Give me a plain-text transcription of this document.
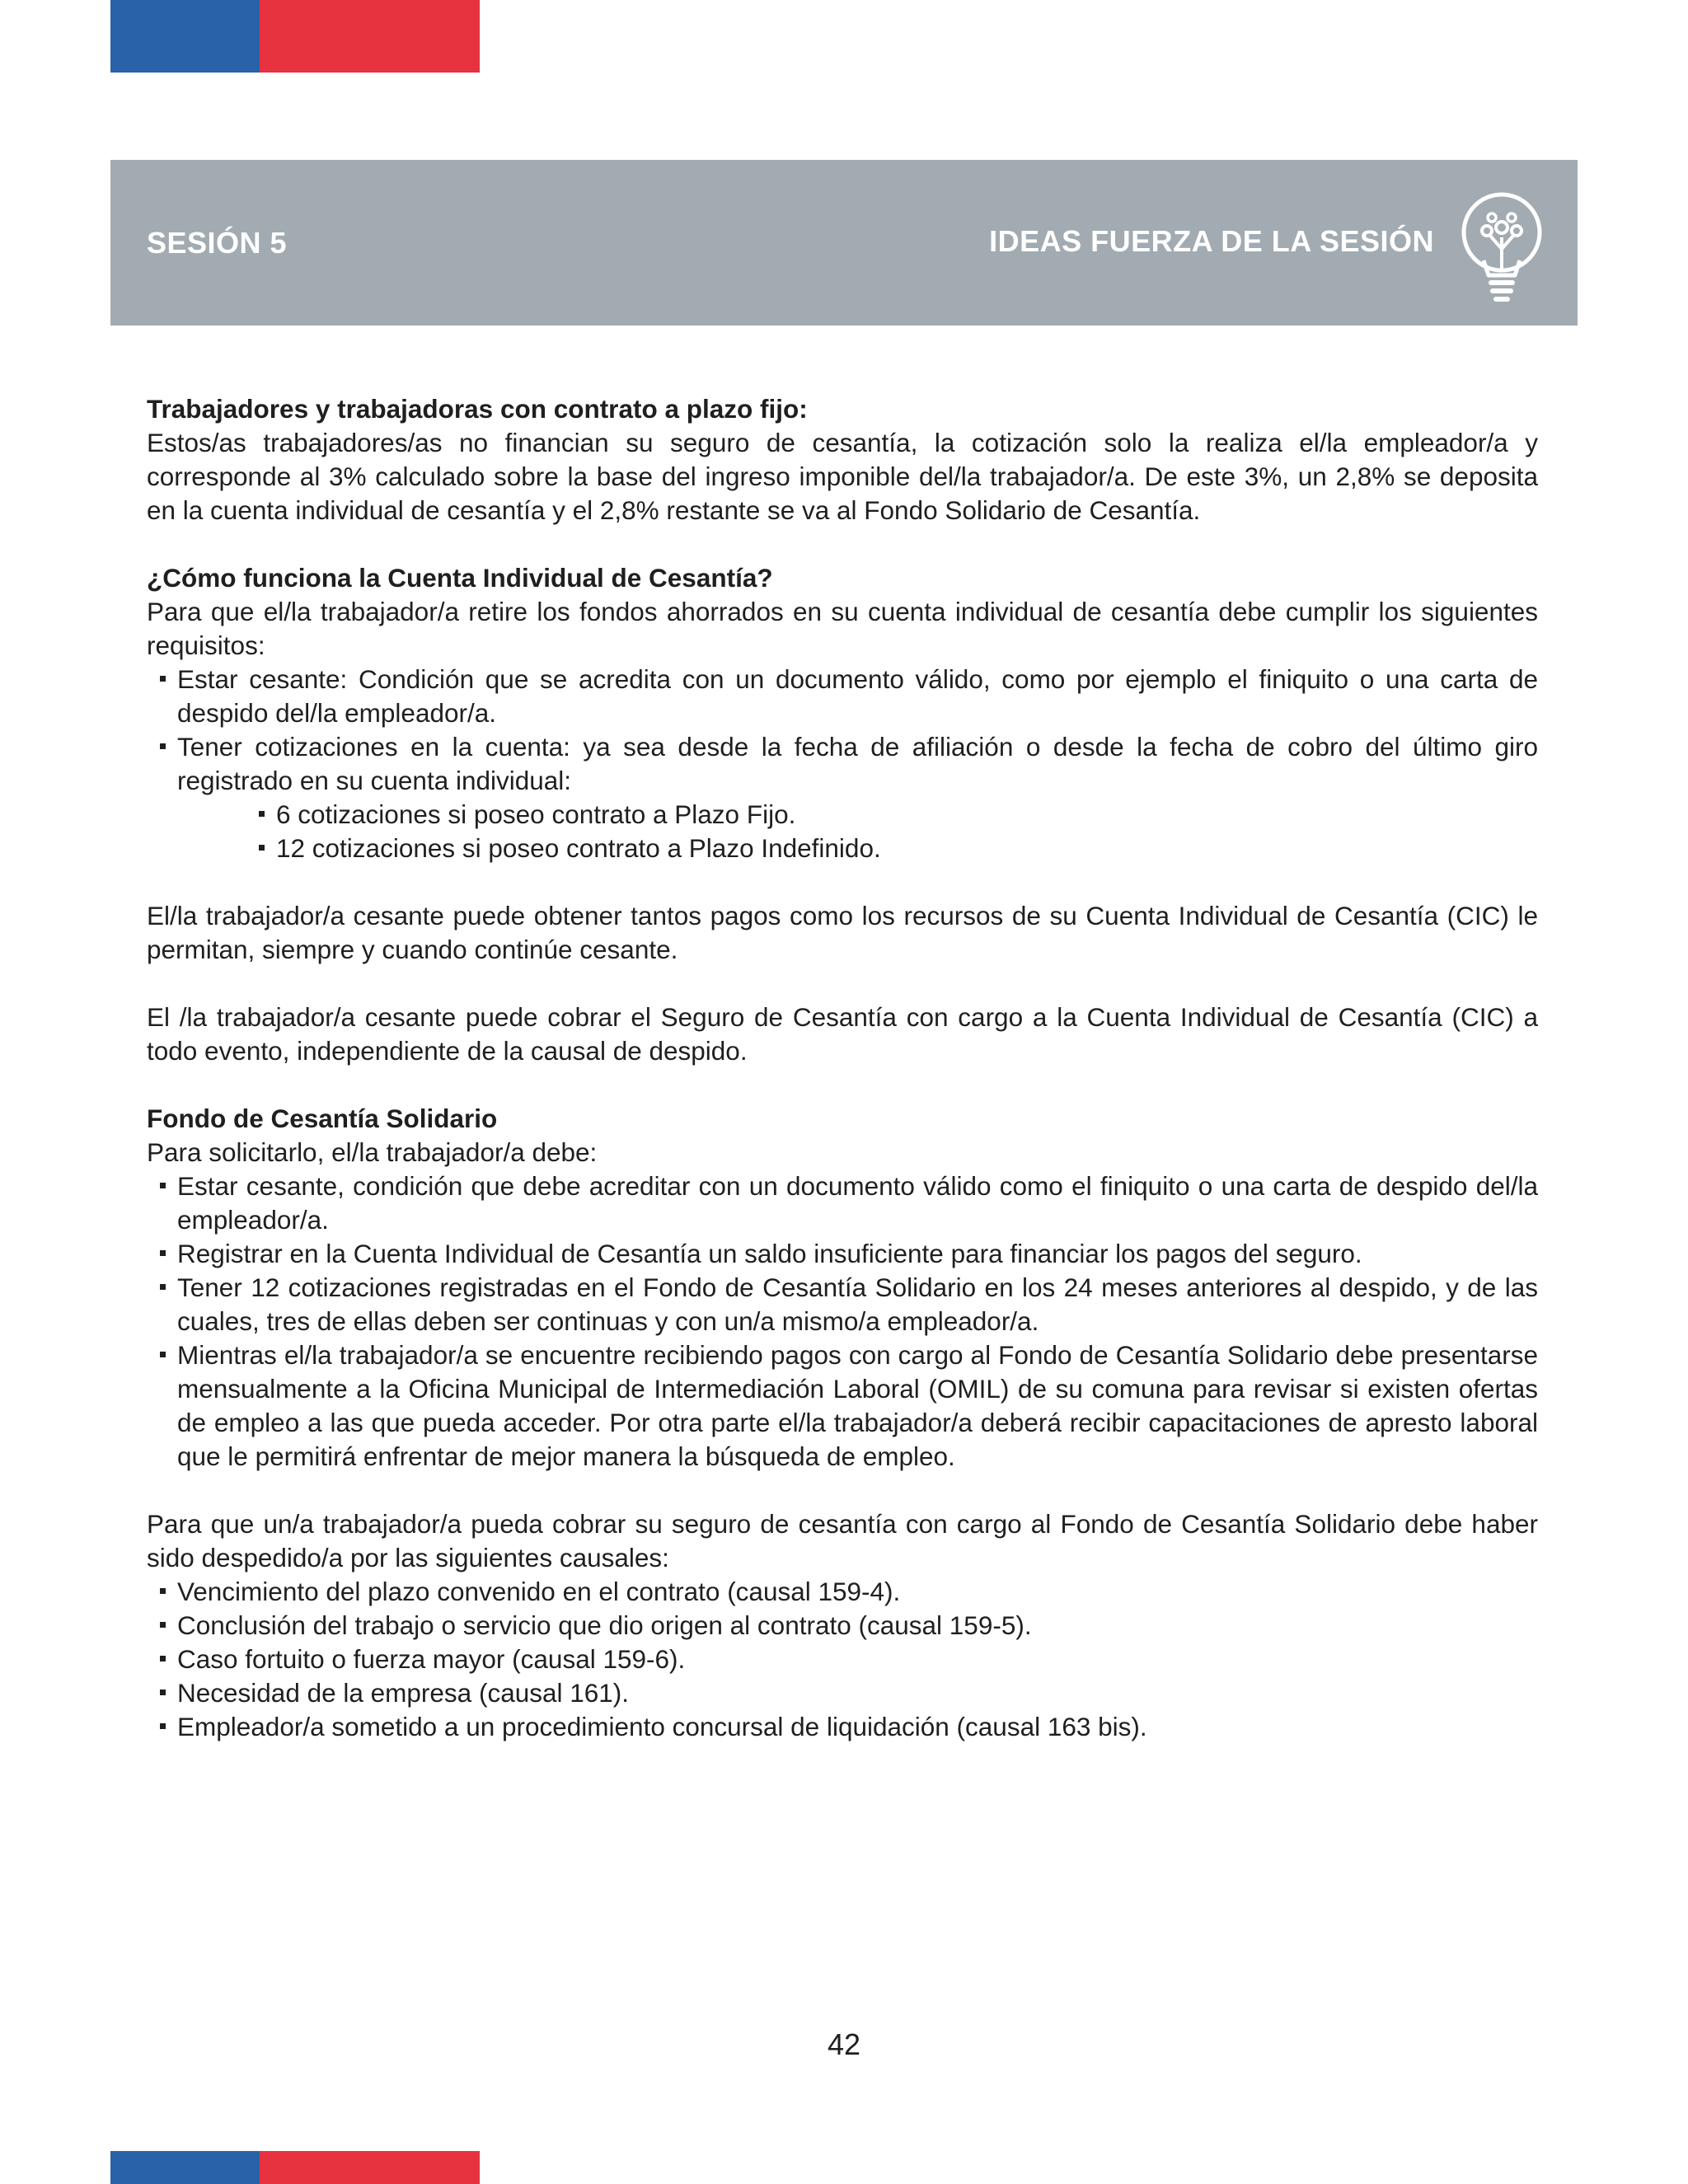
SESIÓN 5	IDEAS FUERZA DE LA SESIÓN

Trabajadores y trabajadoras con contrato a plazo fijo:

Estos/as trabajadores/as no financian su seguro de cesantía, la cotización solo la realiza el/la empleador/a y corresponde al 3% calculado sobre la base del ingreso imponible del/la trabajador/a. De este 3%, un 2,8% se deposita en la cuenta individual de cesantía y el 2,8% restante se va al Fondo Solidario de Cesantía.

¿Cómo funciona la Cuenta Individual de Cesantía?

Para que el/la trabajador/a retire los fondos ahorrados en su cuenta individual de cesantía debe cumplir los siguientes requisitos:

Estar cesante: Condición que se acredita con un documento válido, como por ejemplo el finiquito o una carta de despido del/la empleador/a.
Tener cotizaciones en la cuenta: ya sea desde la fecha de afiliación o desde la fecha de cobro del último giro registrado en su cuenta individual:
6 cotizaciones si poseo contrato a Plazo Fijo.
12 cotizaciones si poseo contrato a Plazo Indefinido.

El/la trabajador/a cesante puede obtener tantos pagos como los recursos de su Cuenta Individual de Cesantía (CIC) le permitan, siempre y cuando continúe cesante.

El /la trabajador/a cesante puede cobrar el Seguro de Cesantía con cargo a la Cuenta Individual de Cesantía (CIC) a todo evento, independiente de la causal de despido.

Fondo de Cesantía Solidario

Para solicitarlo, el/la trabajador/a debe:

Estar cesante, condición que debe acreditar con un documento válido como el finiquito o una carta de despido del/la empleador/a.
Registrar en la Cuenta Individual de Cesantía un saldo insuficiente para financiar los pagos del seguro.
Tener 12 cotizaciones registradas en el Fondo de Cesantía Solidario en los 24 meses anteriores al despido, y de las cuales, tres de ellas deben ser continuas y con un/a mismo/a empleador/a.
Mientras el/la trabajador/a se encuentre recibiendo pagos con cargo al Fondo de Cesantía Solidario debe presentarse mensualmente a la Oficina Municipal de Intermediación Laboral (OMIL) de su comuna para revisar si existen ofertas de empleo a las que pueda acceder. Por otra parte el/la trabajador/a deberá recibir capacitaciones de apresto laboral que le permitirá enfrentar de mejor manera la búsqueda de empleo.

Para que un/a trabajador/a pueda cobrar su seguro de cesantía con cargo al Fondo de Cesantía Solidario debe haber sido despedido/a por las siguientes causales:

Vencimiento del plazo convenido en el contrato (causal 159-4).
Conclusión del trabajo o servicio que dio origen al contrato (causal 159-5).
Caso fortuito o fuerza mayor (causal 159-6).
Necesidad de la empresa (causal 161).
Empleador/a sometido a un procedimiento concursal de liquidación (causal 163 bis).
42
